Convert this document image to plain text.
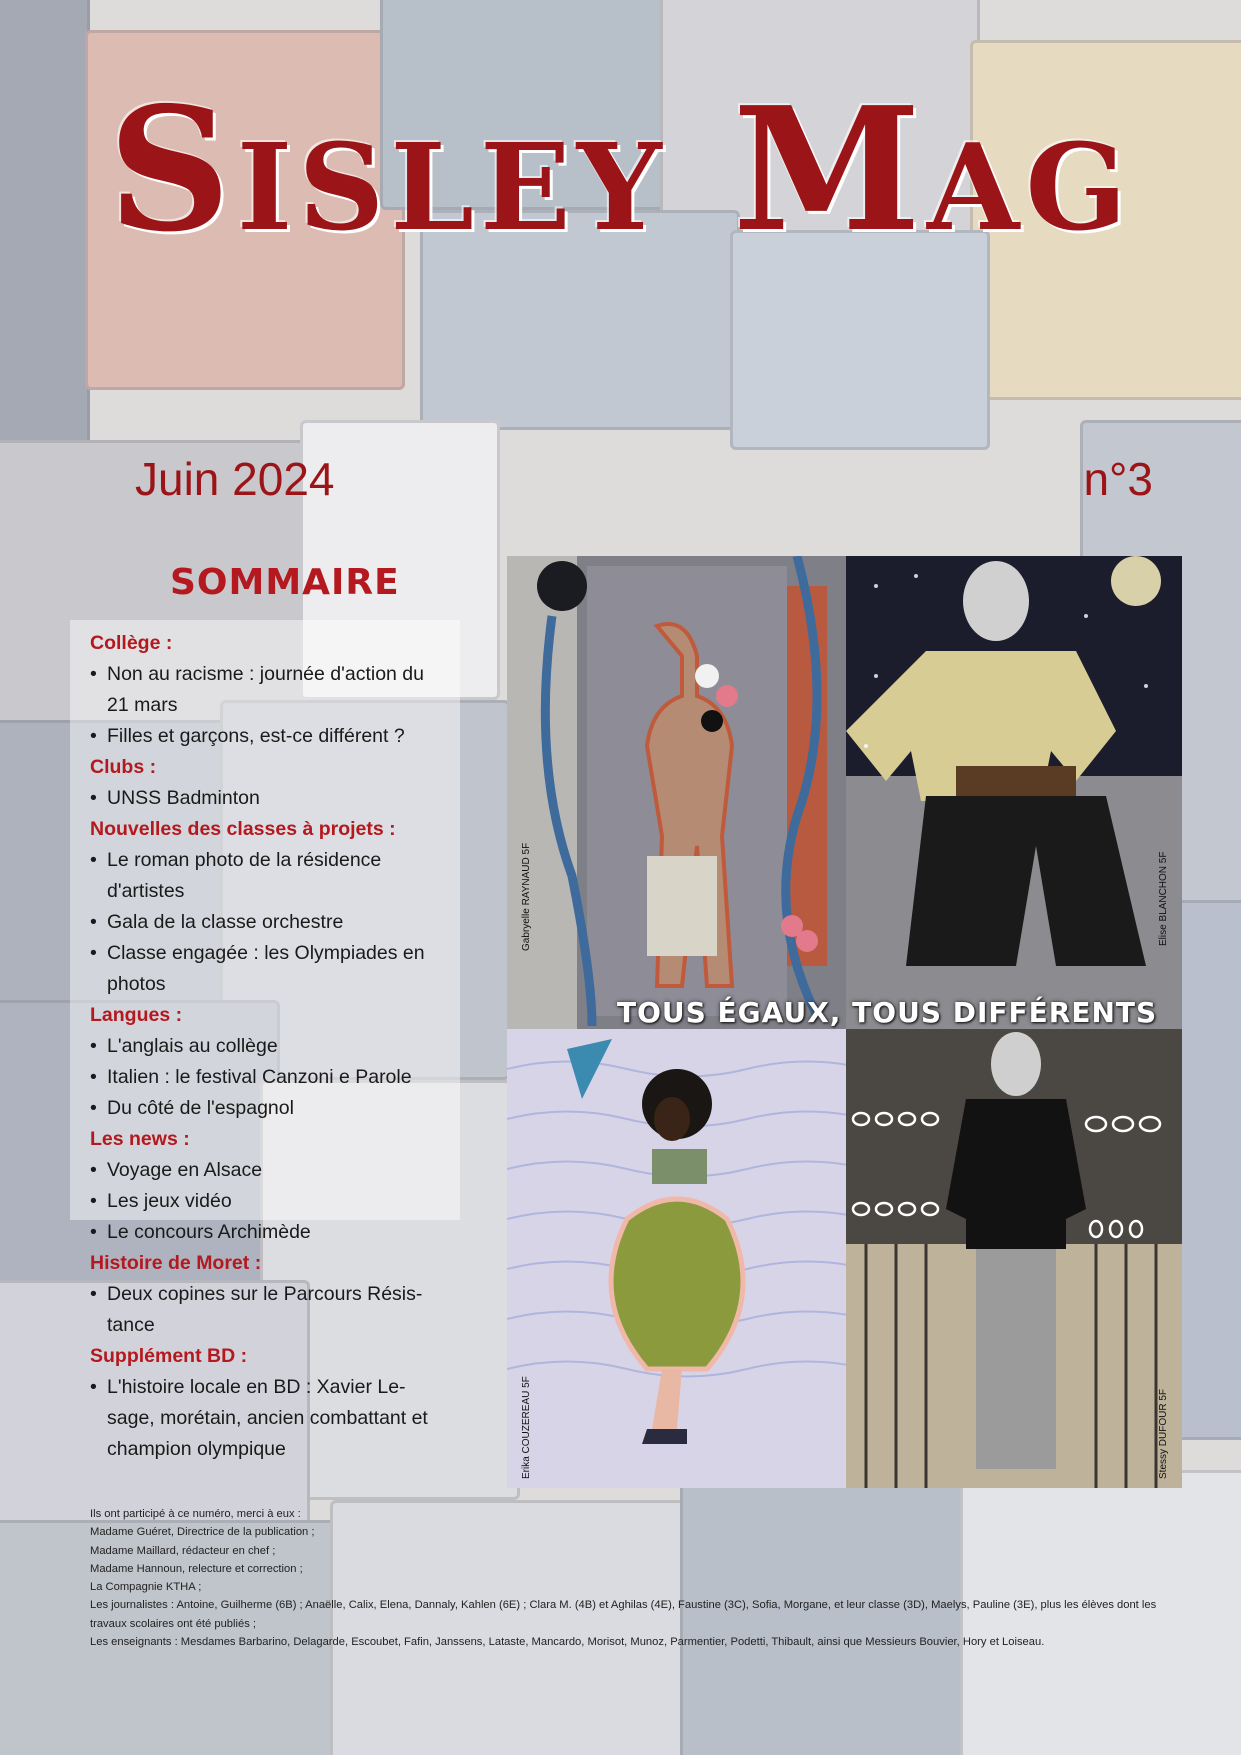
Sisley Mag
Juin 2024	n°3
SOMMAIRE
Collège :
• Non au racisme : journée d'action du 21 mars
• Filles et garçons, est-ce différent ?
Clubs :
• UNSS Badminton
Nouvelles des classes à projets :
• Le roman photo de la résidence d'artistes
• Gala de la classe orchestre
• Classe engagée : les Olympiades en photos
Langues :
• L'anglais au collège
• Italien : le festival Canzoni e Parole
• Du côté de l'espagnol
Les news :
• Voyage en Alsace
• Les jeux vidéo
• Le concours Archimède
Histoire de Moret :
• Deux copines sur le Parcours Résis-tance
Supplément BD :
• L'histoire locale en BD : Xavier Le-sage, morétain, ancien combattant et champion olympique
Gabryelle RAYNAUD 5F	Elise BLANCHON 5F
Erika COUZEREAU 5F	Stessy DUFOUR 5F
TOUS ÉGAUX, TOUS DIFFÉRENTS

Ils ont participé à ce numéro, merci à eux :

Madame Guéret, Directrice de la publication ;

Madame Maillard, rédacteur en chef ;

Madame Hannoun, relecture et correction ;

La Compagnie KTHA ;

Les journalistes : Antoine, Guilherme (6B) ; Anaëlle, Calix, Elena, Dannaly, Kahlen (6E) ; Clara M. (4B) et Aghilas (4E), Faustine (3C), Sofia, Morgane, et leur classe (3D), Maelys, Pauline (3E), plus les élèves dont les travaux scolaires ont été publiés ;

Les enseignants : Mesdames Barbarino, Delagarde, Escoubet, Fafin, Janssens, Lataste, Mancardo, Morisot, Munoz, Parmentier, Podetti, Thibault, ainsi que Messieurs Bouvier, Hory et Loiseau.
